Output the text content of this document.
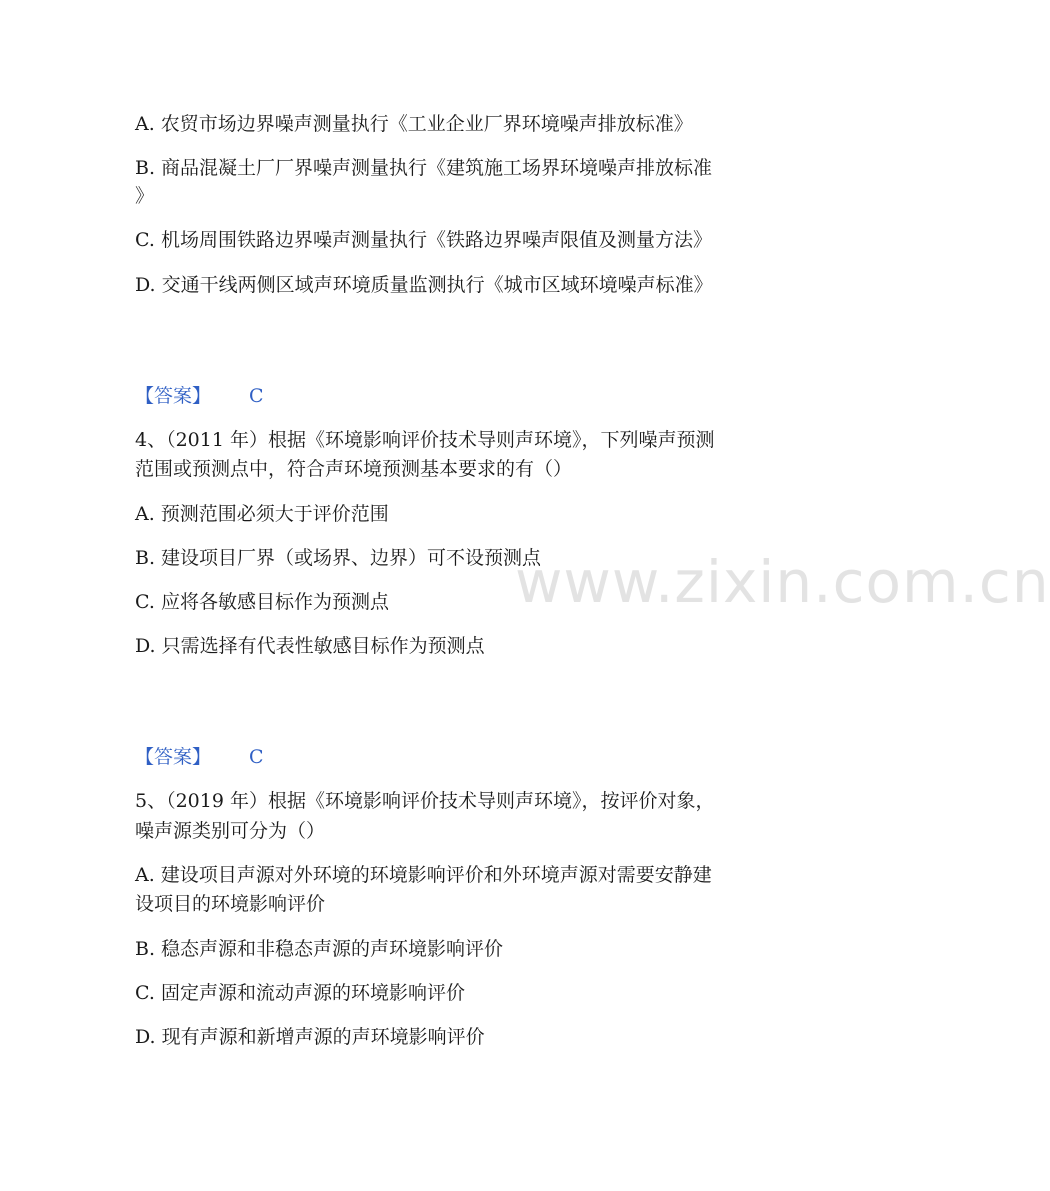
www.zixin.com.cn
A. 农贸市场边界噪声测量执行《工业企业厂界环境噪声排放标准》
B. 商品混凝土厂厂界噪声测量执行《建筑施工场界环境噪声排放标准
》
C. 机场周围铁路边界噪声测量执行《铁路边界噪声限值及测量方法》
D. 交通干线两侧区域声环境质量监测执行《城市区域环境噪声标准》
【答案】 C
4、（2011 年）根据《环境影响评价技术导则声环境》，下列噪声预测
范围或预测点中，符合声环境预测基本要求的有（）
A. 预测范围必须大于评价范围
B. 建设项目厂界（或场界、边界）可不设预测点
C. 应将各敏感目标作为预测点
D. 只需选择有代表性敏感目标作为预测点
【答案】 C
5、（2019 年）根据《环境影响评价技术导则声环境》，按评价对象，
噪声源类别可分为（）
A. 建设项目声源对外环境的环境影响评价和外环境声源对需要安静建
设项目的环境影响评价
B. 稳态声源和非稳态声源的声环境影响评价
C. 固定声源和流动声源的环境影响评价
D. 现有声源和新增声源的声环境影响评价
